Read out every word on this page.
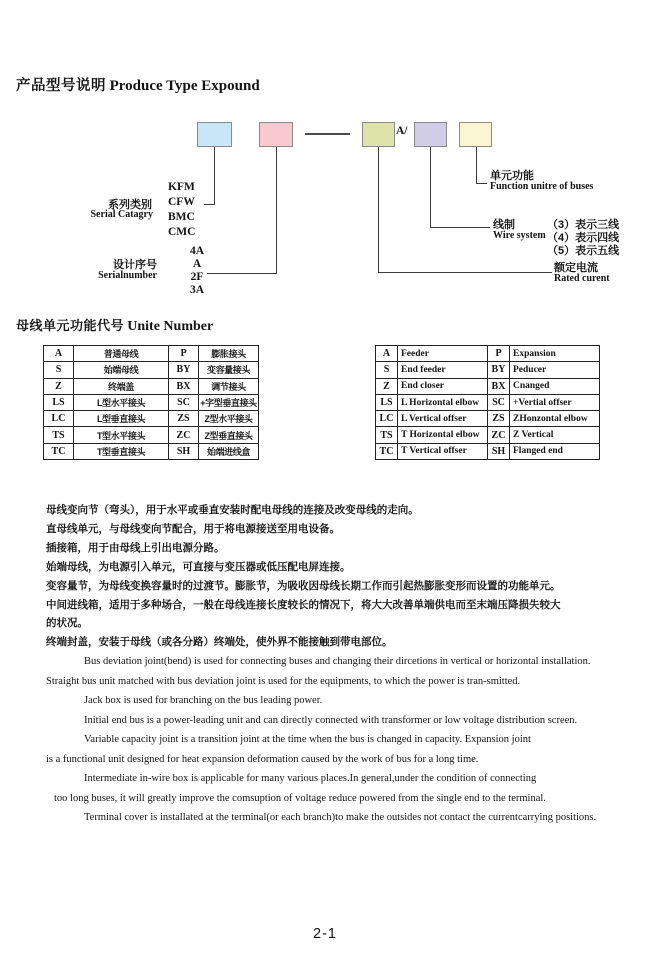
产品型号说明 Produce Type Expound
A/
系列类别
Serial Catagry
KFM
CFW
BMC
CMC
设计序号
Serialnumber
4A
A
2F
3A
单元功能
Function unitre of buses
线制
Wire system
（3）表示三线
（4）表示四线
（5）表示五线
额定电流
Rated curent
母线单元功能代号 Unite Number
A	普通母线	P	膨胀接头
S	始端母线	BY	变容量接头
Z	终端盖	BX	调节接头
LS	L型水平接头	SC	+字型垂直接头
LC	L型垂直接头	ZS	Z型水平接头
TS	T型水平接头	ZC	Z型垂直接头
TC	T型垂直接头	SH	始端进线盒
A	Feeder	P	Expansion
S	End feeder	BY	Peducer
Z	End closer	BX	Cnanged
LS	L Horizontal elbow	SC	+Vertial offser
LC	L Vertical offser	ZS	ZHonzontal elbow
TS	T Horizontal elbow	ZC	Z Vertical
TC	T Vertical offser	SH	Flanged end
母线变向节（弯头），用于水平或垂直安装时配电母线的连接及改变母线的走向。
直母线单元，与母线变向节配合，用于将电源接送至用电设备。
插接箱，用于由母线上引出电源分路。
始端母线，为电源引入单元，可直接与变压器或低压配电屏连接。
变容量节，为母线变换容量时的过渡节。膨胀节，为吸收因母线长期工作而引起热膨胀变形而设置的功能单元。
中间进线箱，适用于多种场合，一般在母线连接长度较长的情况下，将大大改善单端供电而至末端压降损失较大
的状况。
终端封盖，安装于母线（或各分路）终端处，使外界不能接触到带电部位。
Bus deviation joint(bend) is used for connecting buses and changing their dircetions in vertical or horizontal installation.
Straight bus unit matched with bus deviation joint is used for the equipments, to which the power is tran-smitted.
Jack box is used for branching on the bus leading power.
Initial end bus is a power-leading unit and can directly connected with transformer or low voltage distribution screen.
Variable capacity joint is a transition joint at the time when the bus is changed in capacity. Expansion joint
is a functional unit designed for heat expansion deformation caused by the work of bus for a long time.
Intermediate in-wire box is applicable for many various places.In general,under the condition of connecting
too long buses, it will greatly improve the comsuption of voltage reduce powered from the single end to the terminal.
Terminal cover is installated at the terminal(or each branch)to make the outsides not contact the currentcarrying positions.
2-1
